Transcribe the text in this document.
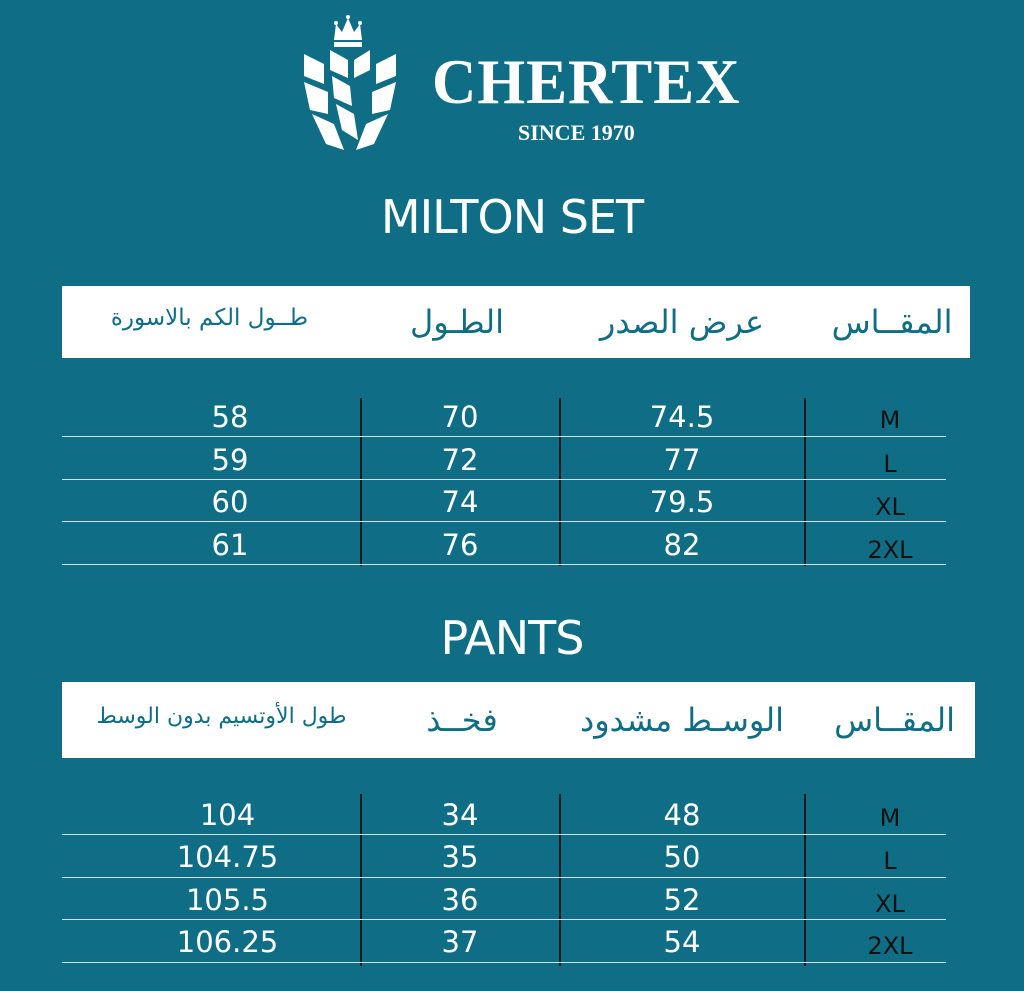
CHERTEX
SINCE 1970
MILTON SET
المقــاس
عرض الصدر
الطـول
طــول الكم بالاسورة
M
74.5
70
58
L
77
72
59
XL
79.5
74
60
2XL
82
76
61
PANTS
المقــاس
الوسـط مشدود
فخــذ
طول الأوتسيم بدون الوسط
M
48
34
104
L
50
35
104.75
XL
52
36
105.5
2XL
54
37
106.25
